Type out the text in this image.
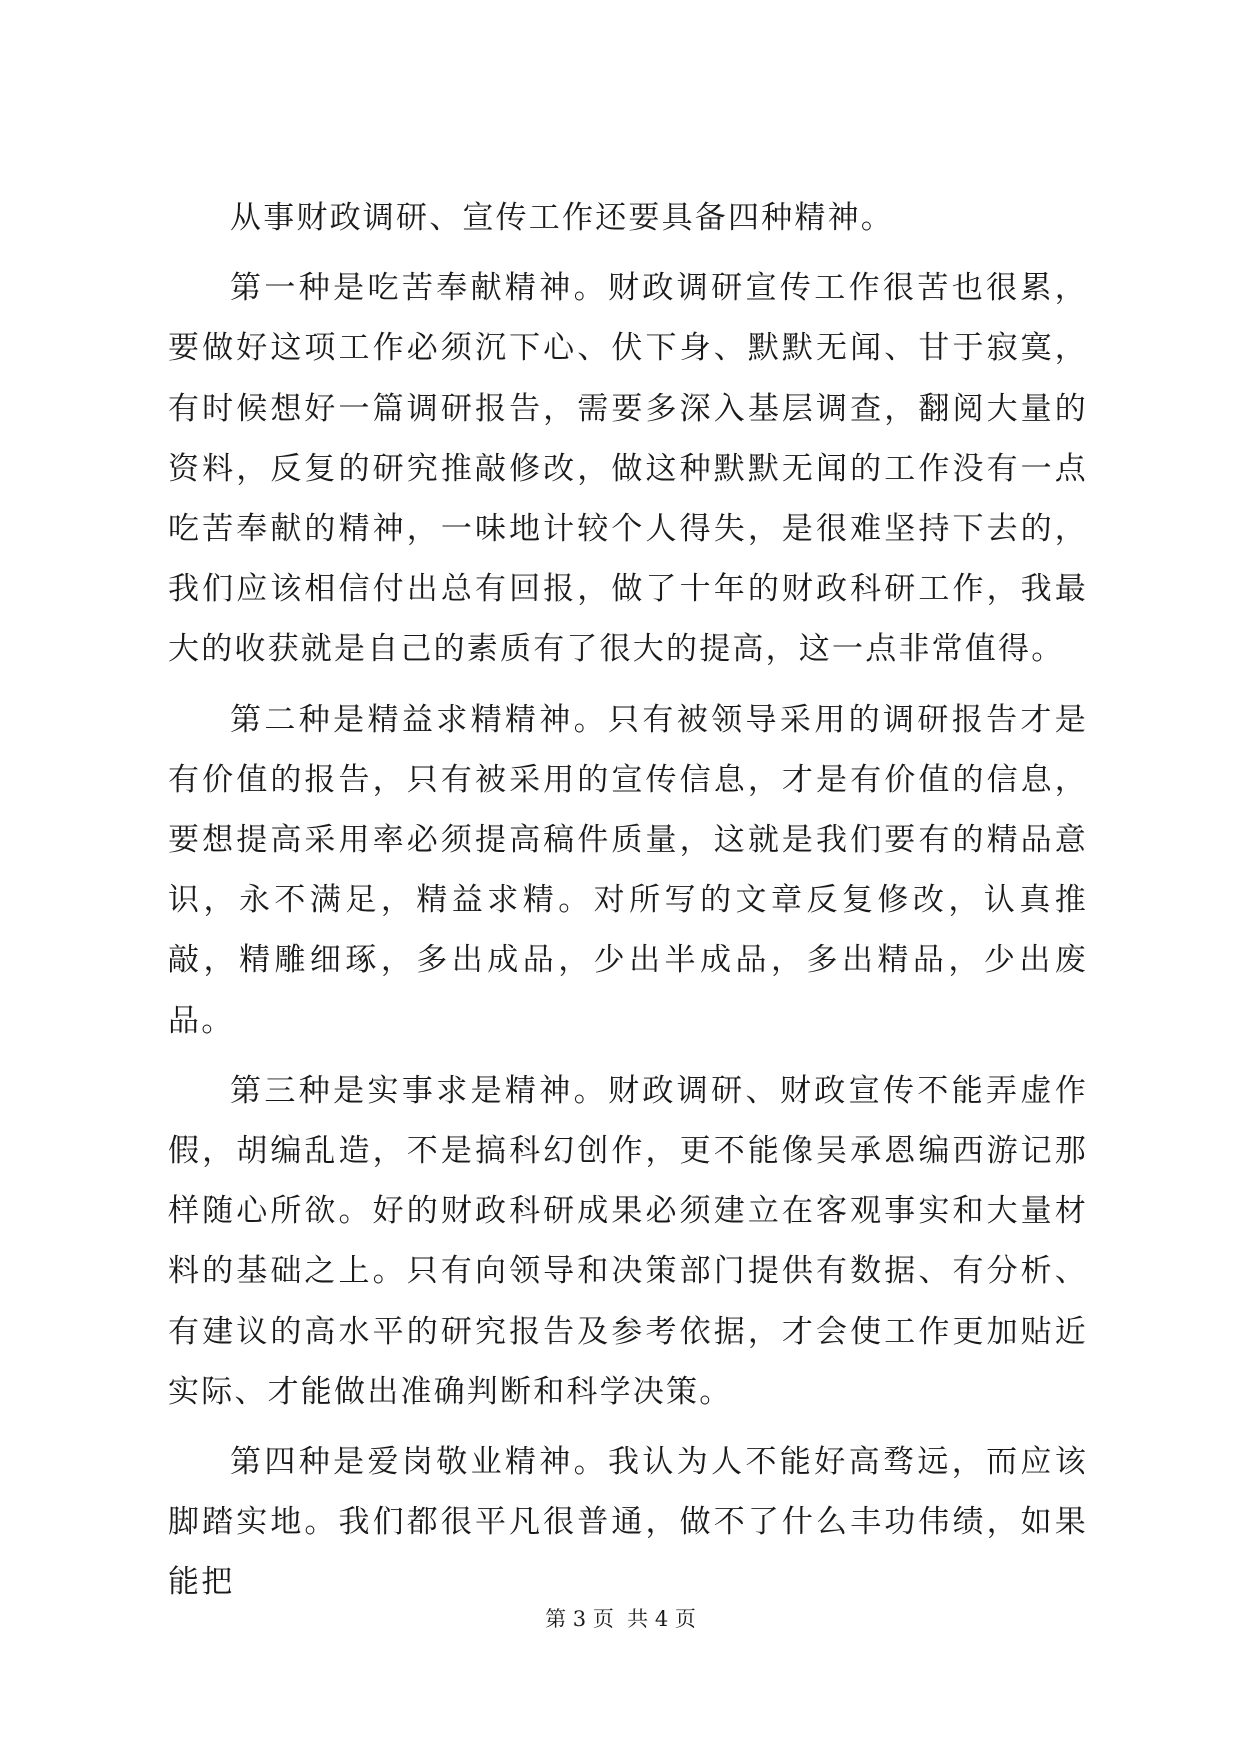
从事财政调研、宣传工作还要具备四种精神。

第一种是吃苦奉献精神。财政调研宣传工作很苦也很累，要做好这项工作必须沉下心、伏下身、默默无闻、甘于寂寞，有时候想好一篇调研报告，需要多深入基层调查，翻阅大量的资料，反复的研究推敲修改，做这种默默无闻的工作没有一点吃苦奉献的精神，一味地计较个人得失，是很难坚持下去的，我们应该相信付出总有回报，做了十年的财政科研工作，我最大的收获就是自己的素质有了很大的提高，这一点非常值得。

第二种是精益求精精神。只有被领导采用的调研报告才是有价值的报告，只有被采用的宣传信息，才是有价值的信息，要想提高采用率必须提高稿件质量，这就是我们要有的精品意识，永不满足，精益求精。对所写的文章反复修改，认真推敲，精雕细琢，多出成品，少出半成品，多出精品，少出废品。

第三种是实事求是精神。财政调研、财政宣传不能弄虚作假，胡编乱造，不是搞科幻创作，更不能像吴承恩编西游记那样随心所欲。好的财政科研成果必须建立在客观事实和大量材料的基础之上。只有向领导和决策部门提供有数据、有分析、有建议的高水平的研究报告及参考依据，才会使工作更加贴近实际、才能做出准确判断和科学决策。

第四种是爱岗敬业精神。我认为人不能好高骛远，而应该脚踏实地。我们都很平凡很普通，做不了什么丰功伟绩，如果能把

第 3 页  共 4 页
